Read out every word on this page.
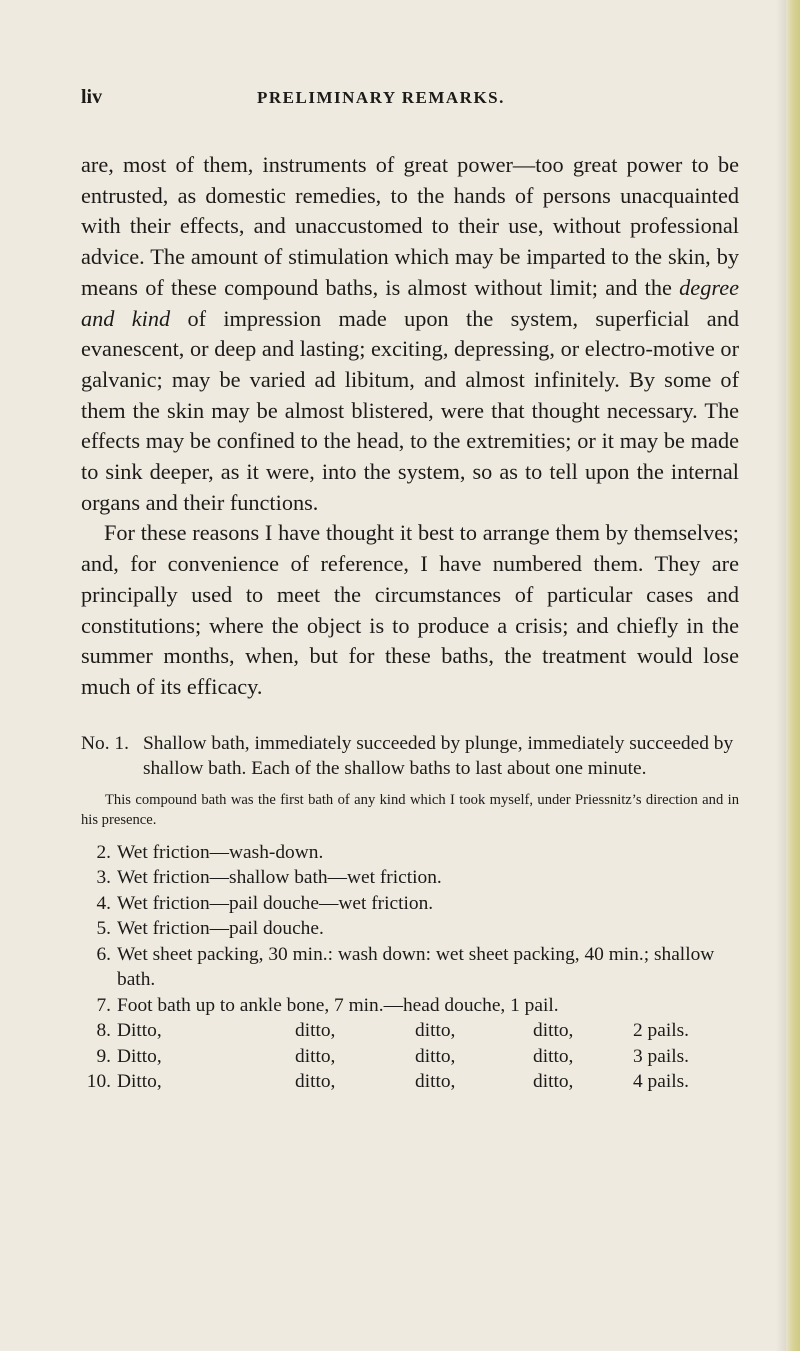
liv	PRELIMINARY REMARKS.

are, most of them, instruments of great power—too great power to be entrusted, as domestic remedies, to the hands of persons unacquainted with their effects, and unaccustomed to their use, without professional advice. The amount of stimulation which may be imparted to the skin, by means of these compound baths, is almost without limit; and the degree and kind of impression made upon the system, superficial and evanescent, or deep and lasting; exciting, depressing, or electro-motive or galvanic; may be varied ad libitum, and almost infinitely. By some of them the skin may be almost blistered, were that thought necessary. The effects may be confined to the head, to the extremities; or it may be made to sink deeper, as it were, into the system, so as to tell upon the internal organs and their functions.

For these reasons I have thought it best to arrange them by themselves; and, for convenience of reference, I have numbered them. They are principally used to meet the circumstances of particular cases and constitutions; where the object is to produce a crisis; and chiefly in the summer months, when, but for these baths, the treatment would lose much of its efficacy.

No. 1. Shallow bath, immediately succeeded by plunge, immediately succeeded by shallow bath. Each of the shallow baths to last about one minute.
This compound bath was the first bath of any kind which I took myself, under Priessnitz’s direction and in his presence.
2. Wet friction—wash-down.
3. Wet friction—shallow bath—wet friction.
4. Wet friction—pail douche—wet friction.
5. Wet friction—pail douche.
6. Wet sheet packing, 30 min.: wash down: wet sheet packing, 40 min.; shallow bath.
7. Foot bath up to ankle bone, 7 min.—head douche, 1 pail.
8. Ditto,	ditto,	ditto,	ditto,	2 pails.
9. Ditto,	ditto,	ditto,	ditto,	3 pails.
10. Ditto,	ditto,	ditto,	ditto,	4 pails.
